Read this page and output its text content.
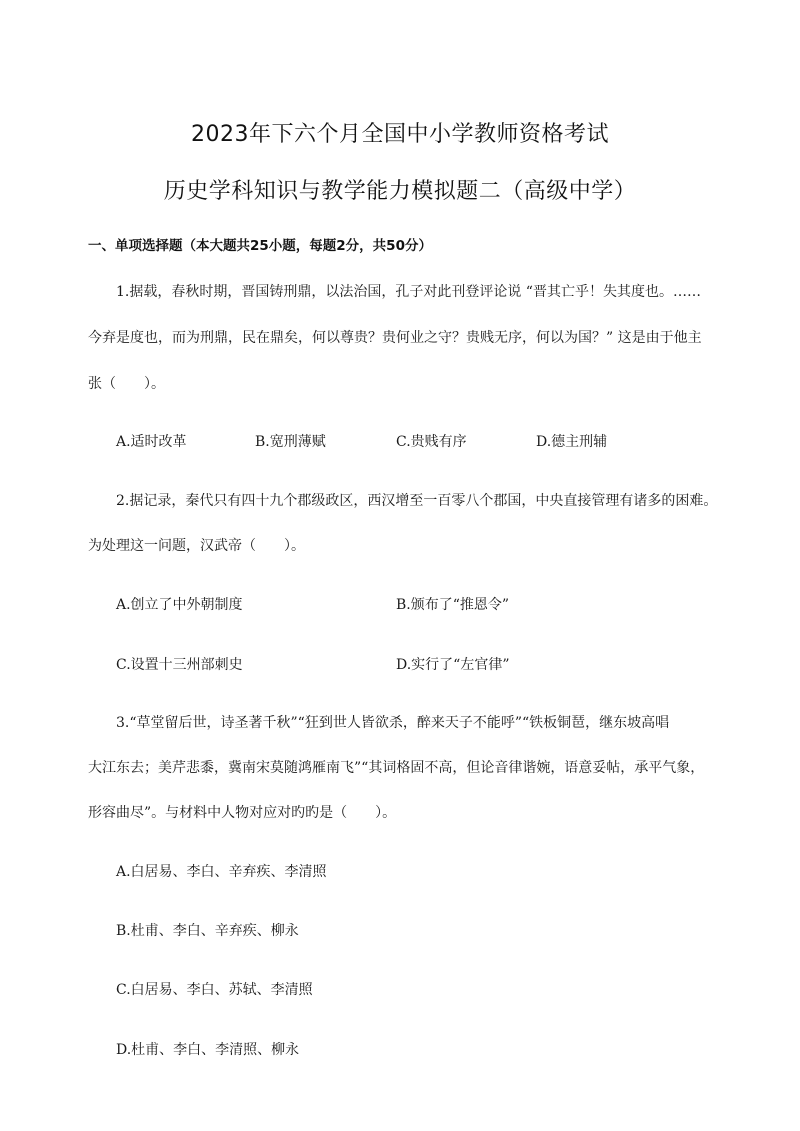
2023年下六个月全国中小学教师资格考试
历史学科知识与教学能力模拟题二（高级中学）
一、单项选择题（本大题共25小题，每题2分，共50分）
1.据载，春秋时期，晋国铸刑鼎，以法治国，孔子对此刊登评论说 “晋其亡乎！失其度也。……
今弃是度也，而为刑鼎，民在鼎矣，何以尊贵？贵何业之守？贵贱无序，何以为国？” 这是由于他主
张（　　）。
A.适时改革	B.宽刑薄赋	C.贵贱有序	D.德主刑辅
2.据记录，秦代只有四十九个郡级政区，西汉增至一百零八个郡国，中央直接管理有诸多的困难。
为处理这一问题，汉武帝（　　）。
A.创立了中外朝制度	B.颁布了“推恩令”
C.设置十三州部刺史	D.实行了“左官律”
3.“草堂留后世，诗圣著千秋”“狂到世人皆欲杀，醉来天子不能呼”“铁板铜琶，继东坡高唱
大江东去；美芹悲黍，冀南宋莫随鸿雁南飞”“其词格固不高，但论音律谐婉，语意妥帖，承平气象，
形容曲尽”。与材料中人物对应对旳旳是（　　）。
A.白居易、李白、辛弃疾、李清照
B.杜甫、李白、辛弃疾、柳永
C.白居易、李白、苏轼、李清照
D.杜甫、李白、李清照、柳永
